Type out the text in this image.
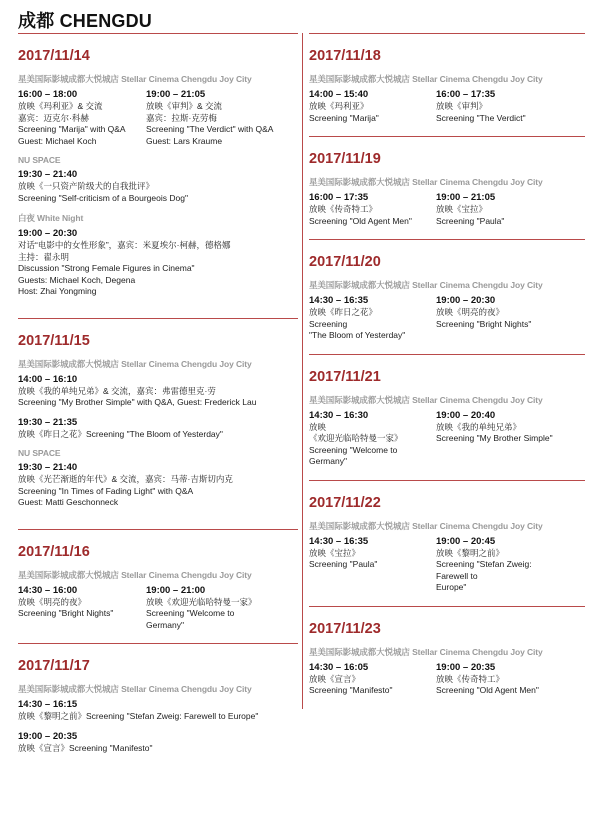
成都 CHENGDU
2017/11/14
星美国际影城成都大悦城店 Stellar Cinema Chengdu Joy City
16:00 – 18:00
放映《玛利亚》& 交流
嘉宾：迈克尔·科赫
Screening "Marija" with Q&A
Guest: Michael Koch
19:00 – 21:05
放映《审判》& 交流
嘉宾：拉斯·克劳梅
Screening "The Verdict" with Q&A
Guest: Lars Kraume
NU SPACE
19:30 – 21:40
放映《一只资产阶级犬的自我批评》
Screening "Self-criticism of a Bourgeois Dog"
白夜 White Night
19:00 – 20:30
对话“电影中的女性形象”，嘉宾：米夏埃尔·柯赫，德格娜
主持：翟永明
Discussion "Strong Female Figures in Cinema"
Guests: Michael Koch, Degena
Host: Zhai Yongming
2017/11/15
星美国际影城成都大悦城店 Stellar Cinema Chengdu Joy City
14:00 – 16:10
放映《我的单纯兄弟》& 交流，嘉宾：弗雷德里克·劳
Screening "My Brother Simple" with Q&A, Guest: Frederick Lau
19:30 – 21:35
放映《昨日之花》Screening "The Bloom of Yesterday"
NU SPACE
19:30 – 21:40
放映《光芒渐逝的年代》& 交流，嘉宾：马蒂·吉斯切内克
Screening "In Times of Fading Light" with Q&A
Guest: Matti Geschonneck
2017/11/16
星美国际影城成都大悦城店 Stellar Cinema Chengdu Joy City
14:30 – 16:00
放映《明亮的夜》
Screening "Bright Nights"
19:00 – 21:00
放映《欢迎光临哈特曼一家》
Screening "Welcome to Germany"
2017/11/17
星美国际影城成都大悦城店 Stellar Cinema Chengdu Joy City
14:30 – 16:15
放映《黎明之前》Screening "Stefan Zweig: Farewell to Europe"
19:00 – 20:35
放映《宣言》Screening "Manifesto"
2017/11/18
星美国际影城成都大悦城店 Stellar Cinema Chengdu Joy City
14:00 – 15:40
放映《玛利亚》
Screening "Marija"
16:00 – 17:35
放映《审判》
Screening "The Verdict"
2017/11/19
星美国际影城成都大悦城店 Stellar Cinema Chengdu Joy City
16:00 – 17:35
放映《传奇特工》
Screening "Old Agent Men"
19:00 – 21:05
放映《宝拉》
Screening "Paula"
2017/11/20
星美国际影城成都大悦城店 Stellar Cinema Chengdu Joy City
14:30 – 16:35
放映《昨日之花》
Screening
"The Bloom of Yesterday"
19:00 – 20:30
放映《明亮的夜》
Screening "Bright Nights"
2017/11/21
星美国际影城成都大悦城店 Stellar Cinema Chengdu Joy City
14:30 – 16:30
放映
《欢迎光临哈特曼一家》
Screening "Welcome to
Germany"
19:00 – 20:40
放映《我的单纯兄弟》
Screening "My Brother Simple"
2017/11/22
星美国际影城成都大悦城店 Stellar Cinema Chengdu Joy City
14:30 – 16:35
放映《宝拉》
Screening "Paula"
19:00 – 20:45
放映《黎明之前》
Screening "Stefan Zweig: Farewell to
Europe"
2017/11/23
星美国际影城成都大悦城店 Stellar Cinema Chengdu Joy City
14:30 – 16:05
放映《宣言》
Screening "Manifesto"
19:00 – 20:35
放映《传奇特工》
Screening "Old Agent Men"
